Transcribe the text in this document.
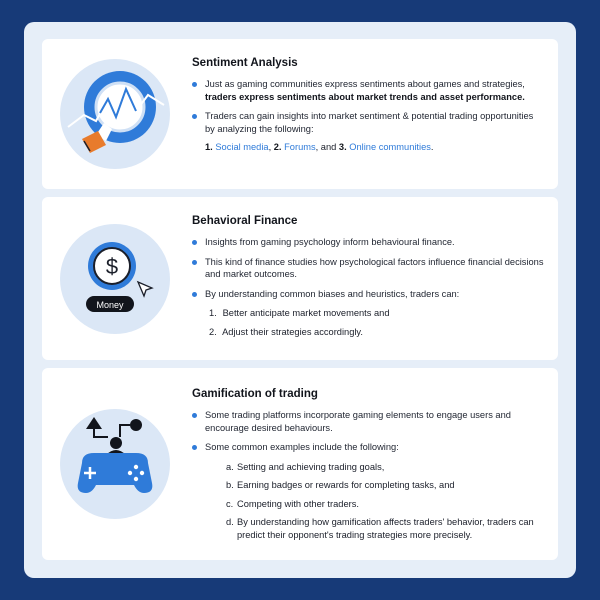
Sentiment Analysis
Just as gaming communities express sentiments about games and strategies, traders express sentiments about market trends and asset performance.
Traders can gain insights into market sentiment & potential trading opportunities by analyzing the following:
1. Social media, 2. Forums, and 3. Online communities.
$
Money
Behavioral Finance
Insights from gaming psychology inform behavioural finance.
This kind of finance studies how psychological factors influence financial decisions and market outcomes.
By understanding common biases and heuristics, traders can:
1. Better anticipate market movements and
2. Adjust their strategies accordingly.
Gamification of trading
Some trading platforms incorporate gaming elements to engage users and encourage desired behaviours.
Some common examples include the following:
a. Setting and achieving trading goals,
b. Earning badges or rewards for completing tasks, and
c. Competing with other traders.
d. By understanding how gamification affects traders' behavior, traders can predict their opponent's trading strategies more precisely.
